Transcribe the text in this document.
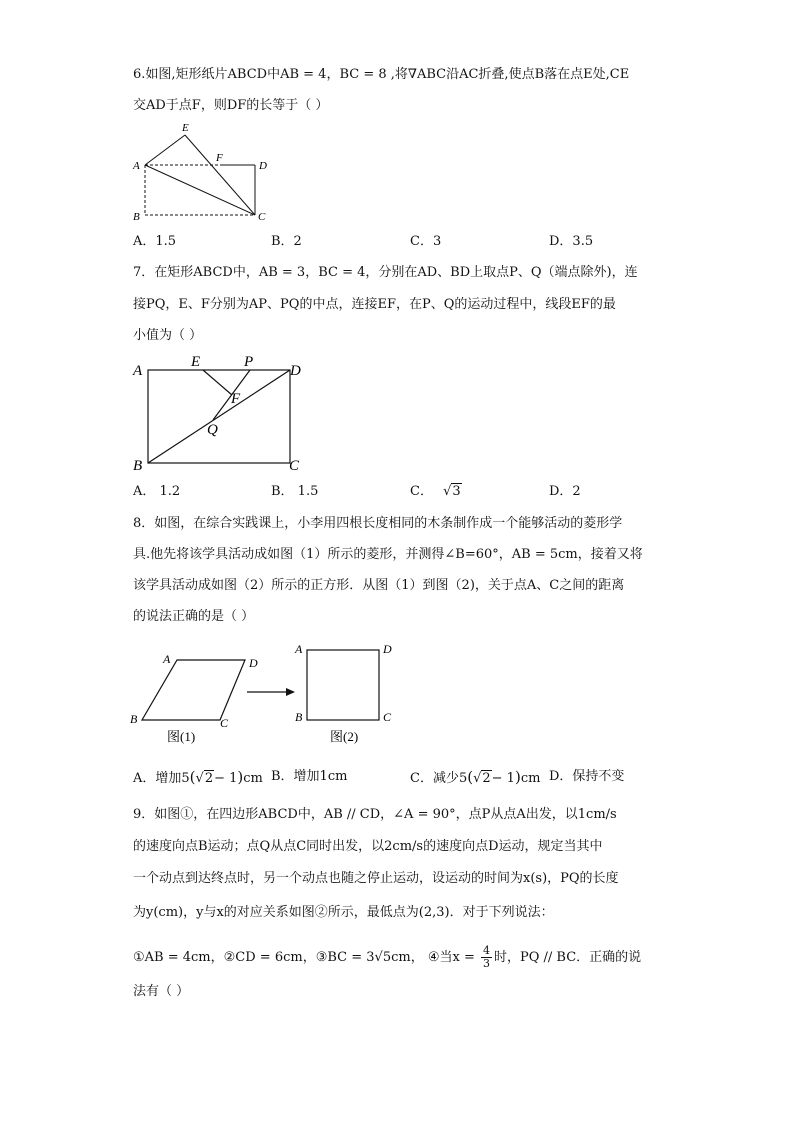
6.如图,矩形纸片ABCD中AB = 4，BC = 8 ,将∇ABC沿AC折叠,使点B落在点E处,CE
交AD于点F，则DF的长等于（ ）
A
B	C
D
E
F
A．1.5	B．2	C．3	D．3.5
7．在矩形ABCD中，AB = 3，BC = 4，分别在AD、BD上取点P、Q（端点除外)，连
接PQ，E、F分别为AP、PQ的中点，连接EF，在P、Q的运动过程中，线段EF的最
小值为（ ）
A
B	C
D
E	P
F
Q
A． 1.2	B． 1.5	C． √3	D．2
8．如图，在综合实践课上，小李用四根长度相同的木条制作成一个能够活动的菱形学
具.他先将该学具活动成如图（1）所示的菱形，并测得∠B=60°，AB = 5cm，接着又将
该学具活动成如图（2）所示的正方形．从图（1）到图（2)，关于点A、C之间的距离
的说法正确的是（ ）
A	D
B	C
A	D
B	C
图(1)	图(2)
A．增加5(√2− 1)cm B．增加1cm	C．减少5(√2− 1)cm D．保持不变
9．如图①，在四边形ABCD中，AB // CD，∠A = 90°，点P从点A出发，以1cm/s
的速度向点B运动；点Q从点C同时出发，以2cm/s的速度向点D运动，规定当其中
一个动点到达终点时，另一个动点也随之停止运动，设运动的时间为x(s)，PQ的长度
为y(cm)，y与x的对应关系如图②所示，最低点为(2,3)．对于下列说法：
①AB = 4cm，②CD = 6cm，③BC = 3√5cm， ④当$x = \frac{4}{3}$ 时，PQ // BC．正确的说
法有（ ）
